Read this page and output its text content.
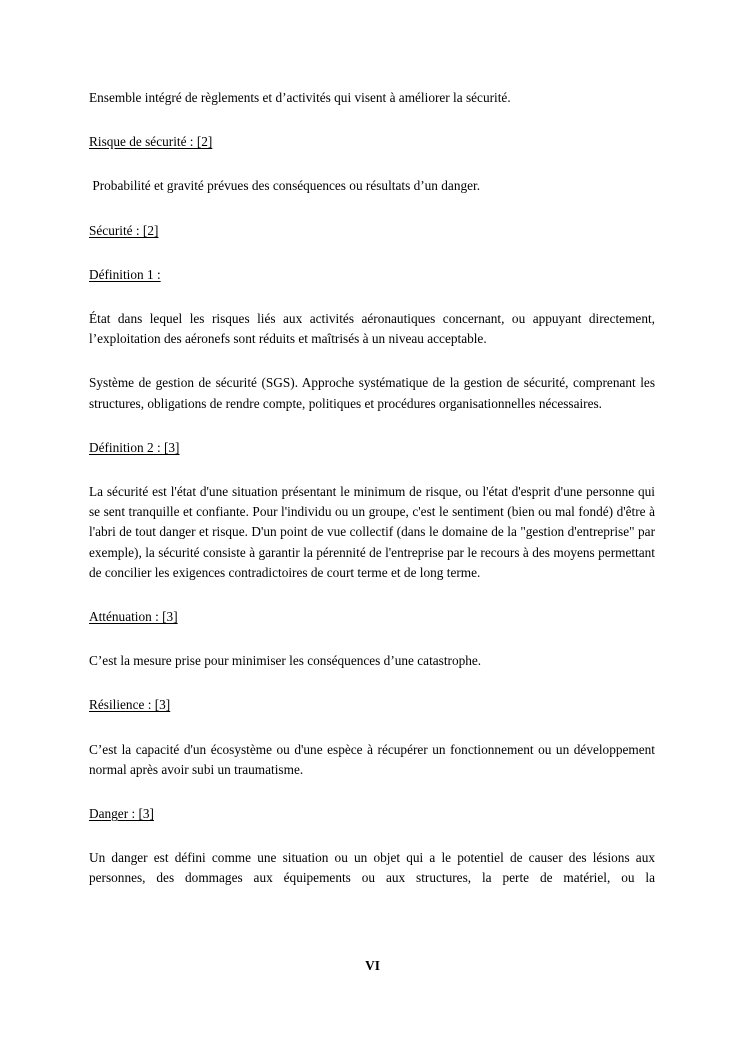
Ensemble intégré de règlements et d’activités qui visent à améliorer la sécurité.

Risque de sécurité : [2]

Probabilité et gravité prévues des conséquences ou résultats d’un danger.

Sécurité : [2]

Définition 1 :

État dans lequel les risques liés aux activités aéronautiques concernant, ou appuyant directement, l’exploitation des aéronefs sont réduits et maîtrisés à un niveau acceptable.

Système de gestion de sécurité (SGS). Approche systématique de la gestion de sécurité, comprenant les structures, obligations de rendre compte, politiques et procédures organisationnelles nécessaires.

Définition 2 : [3]

La sécurité est l'état d'une situation présentant le minimum de risque, ou l'état d'esprit d'une personne qui se sent tranquille et confiante. Pour l'individu ou un groupe, c'est le sentiment (bien ou mal fondé) d'être à l'abri de tout danger et risque. D'un point de vue collectif (dans le domaine de la "gestion d'entreprise" par exemple), la sécurité consiste à garantir la pérennité de l'entreprise par le recours à des moyens permettant de concilier les exigences contradictoires de court terme et de long terme.

Atténuation : [3]

C’est la mesure prise pour minimiser les conséquences d’une catastrophe.

Résilience : [3]

C’est la capacité d'un écosystème ou d'une espèce à récupérer un fonctionnement ou un développement normal après avoir subi un traumatisme.

Danger : [3]

Un danger est défini comme une situation ou un objet qui a le potentiel de causer des lésions aux personnes, des dommages aux équipements ou aux structures, la perte de matériel, ou la

VI
